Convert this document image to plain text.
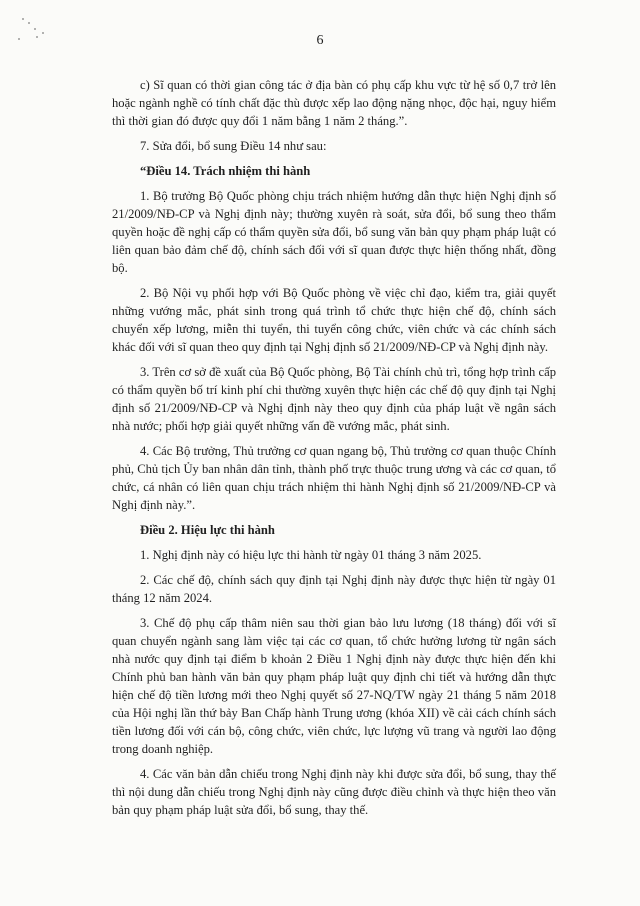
6

c) Sĩ quan có thời gian công tác ở địa bàn có phụ cấp khu vực từ hệ số 0,7 trở lên hoặc ngành nghề có tính chất đặc thù được xếp lao động nặng nhọc, độc hại, nguy hiểm thì thời gian đó được quy đổi 1 năm bằng 1 năm 2 tháng.”.

7. Sửa đổi, bổ sung Điều 14 như sau:

“Điều 14. Trách nhiệm thi hành

1. Bộ trưởng Bộ Quốc phòng chịu trách nhiệm hướng dẫn thực hiện Nghị định số 21/2009/NĐ-CP và Nghị định này; thường xuyên rà soát, sửa đổi, bổ sung theo thẩm quyền hoặc đề nghị cấp có thẩm quyền sửa đổi, bổ sung văn bản quy phạm pháp luật có liên quan bảo đảm chế độ, chính sách đối với sĩ quan được thực hiện thống nhất, đồng bộ.

2. Bộ Nội vụ phối hợp với Bộ Quốc phòng về việc chỉ đạo, kiểm tra, giải quyết những vướng mắc, phát sinh trong quá trình tổ chức thực hiện chế độ, chính sách chuyển xếp lương, miễn thi tuyển, thi tuyển công chức, viên chức và các chính sách khác đối với sĩ quan theo quy định tại Nghị định số 21/2009/NĐ-CP và Nghị định này.

3. Trên cơ sở đề xuất của Bộ Quốc phòng, Bộ Tài chính chủ trì, tổng hợp trình cấp có thẩm quyền bố trí kinh phí chi thường xuyên thực hiện các chế độ quy định tại Nghị định số 21/2009/NĐ-CP và Nghị định này theo quy định của pháp luật về ngân sách nhà nước; phối hợp giải quyết những vấn đề vướng mắc, phát sinh.

4. Các Bộ trưởng, Thủ trưởng cơ quan ngang bộ, Thủ trưởng cơ quan thuộc Chính phủ, Chủ tịch Ủy ban nhân dân tỉnh, thành phố trực thuộc trung ương và các cơ quan, tổ chức, cá nhân có liên quan chịu trách nhiệm thi hành Nghị định số 21/2009/NĐ-CP và Nghị định này.”.

Điều 2. Hiệu lực thi hành

1. Nghị định này có hiệu lực thi hành từ ngày 01 tháng 3 năm 2025.

2. Các chế độ, chính sách quy định tại Nghị định này được thực hiện từ ngày 01 tháng 12 năm 2024.

3. Chế độ phụ cấp thâm niên sau thời gian bảo lưu lương (18 tháng) đối với sĩ quan chuyển ngành sang làm việc tại các cơ quan, tổ chức hưởng lương từ ngân sách nhà nước quy định tại điểm b khoản 2 Điều 1 Nghị định này được thực hiện đến khi Chính phủ ban hành văn bản quy phạm pháp luật quy định chi tiết và hướng dẫn thực hiện chế độ tiền lương mới theo Nghị quyết số 27-NQ/TW ngày 21 tháng 5 năm 2018 của Hội nghị lần thứ bảy Ban Chấp hành Trung ương (khóa XII) về cải cách chính sách tiền lương đối với cán bộ, công chức, viên chức, lực lượng vũ trang và người lao động trong doanh nghiệp.

4. Các văn bản dẫn chiếu trong Nghị định này khi được sửa đổi, bổ sung, thay thế thì nội dung dẫn chiếu trong Nghị định này cũng được điều chỉnh và thực hiện theo văn bản quy phạm pháp luật sửa đổi, bổ sung, thay thế.
